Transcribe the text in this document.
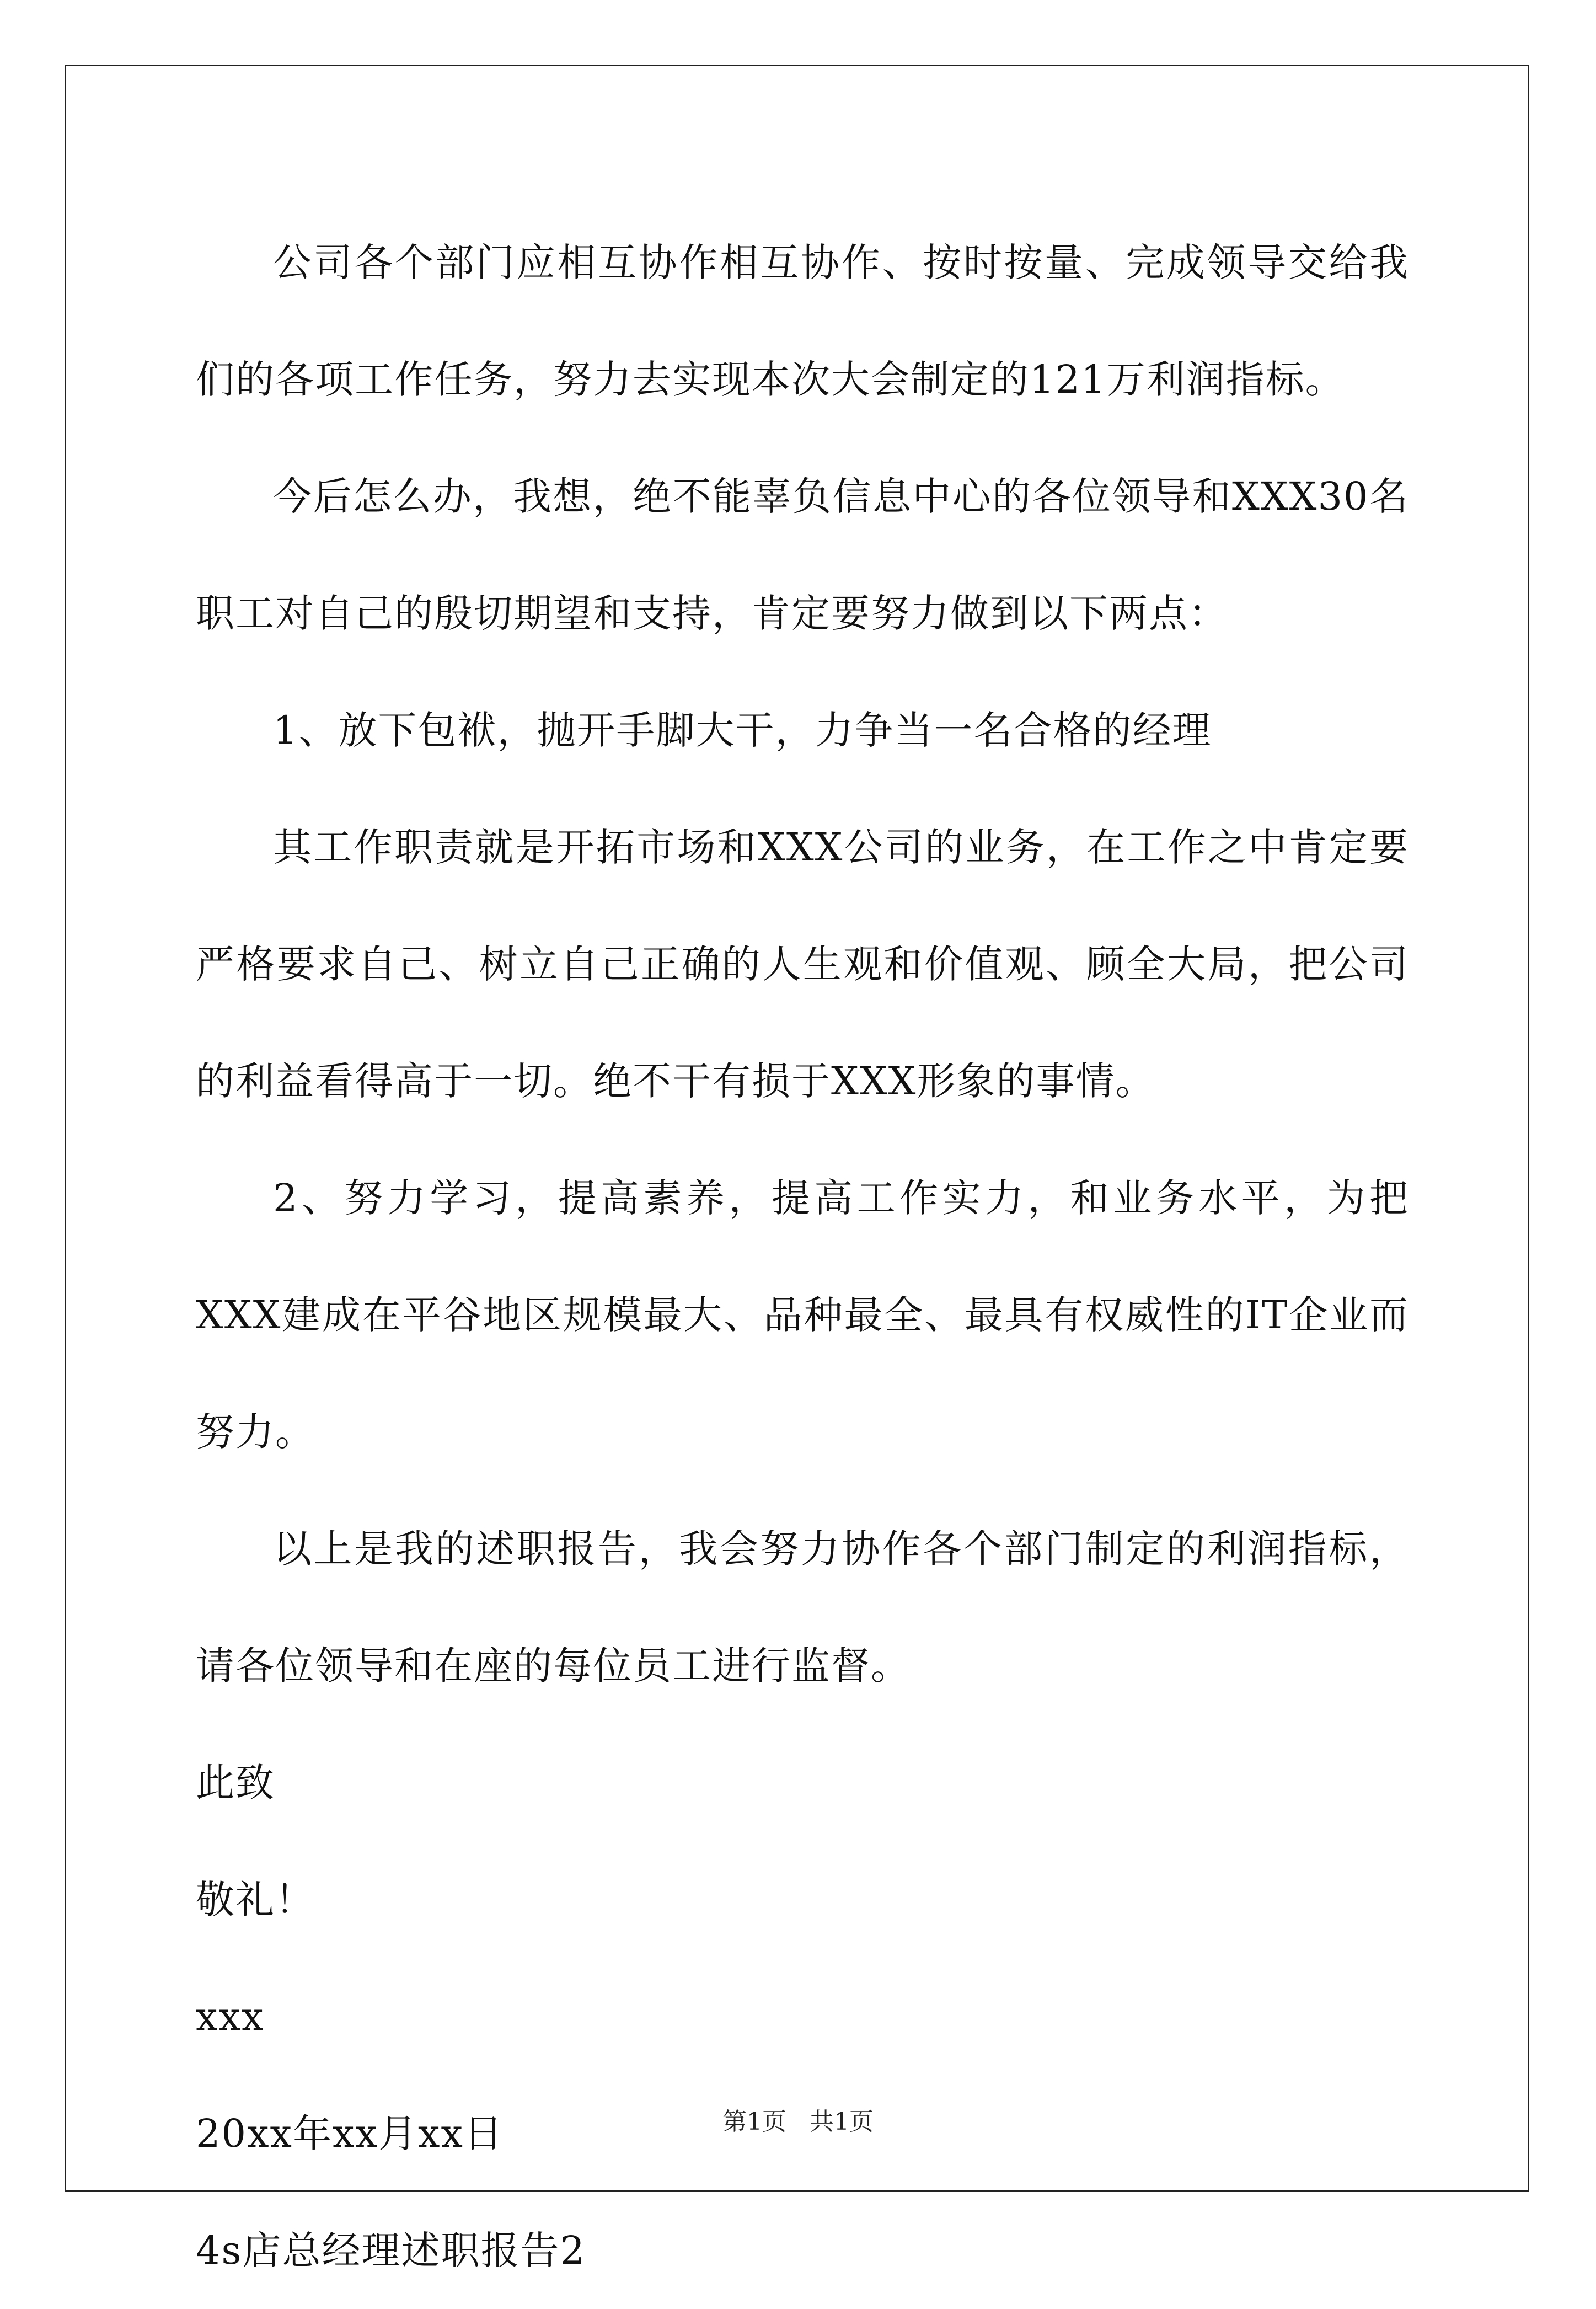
公司各个部门应相互协作相互协作、按时按量、完成领导交给我们的各项工作任务，努力去实现本次大会制定的121万利润指标。

今后怎么办，我想，绝不能辜负信息中心的各位领导和XXX30名职工对自己的殷切期望和支持，肯定要努力做到以下两点：

1、放下包袱，抛开手脚大干，力争当一名合格的经理

其工作职责就是开拓市场和XXX公司的业务，在工作之中肯定要严格要求自己、树立自己正确的人生观和价值观、顾全大局，把公司的利益看得高于一切。绝不干有损于XXX形象的事情。

2、努力学习，提高素养，提高工作实力，和业务水平，为把XXX建成在平谷地区规模最大、品种最全、最具有权威性的IT企业而努力。

以上是我的述职报告，我会努力协作各个部门制定的利润指标，请各位领导和在座的每位员工进行监督。

此致

敬礼！

xxx

20xx年xx月xx日

4s店总经理述职报告2

第1页 共1页
